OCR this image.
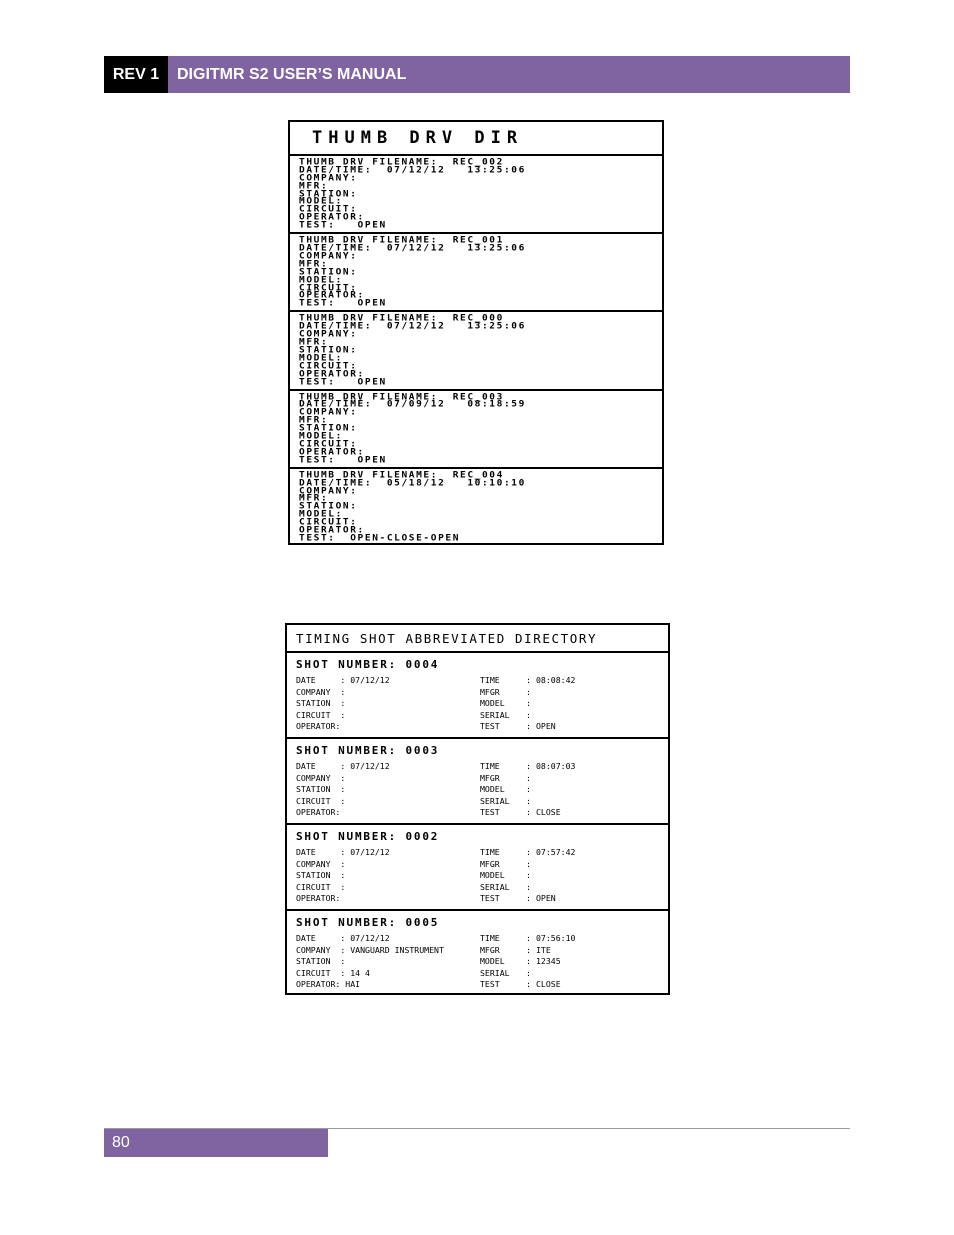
REV 1	DIGITMR S2 USER’S MANUAL
THUMB DRV DIR
THUMB DRV FILENAME:  REC_002
DATE/TIME:  07/12/12   13:25:06
COMPANY:
MFR:
STATION:
MODEL:
CIRCUIT:
OPERATOR:
TEST:   OPEN
THUMB DRV FILENAME:  REC_001
DATE/TIME:  07/12/12   13:25:06
COMPANY:
MFR:
STATION:
MODEL:
CIRCUIT:
OPERATOR:
TEST:   OPEN
THUMB DRV FILENAME:  REC_000
DATE/TIME:  07/12/12   13:25:06
COMPANY:
MFR:
STATION:
MODEL:
CIRCUIT:
OPERATOR:
TEST:   OPEN
THUMB DRV FILENAME:  REC_003
DATE/TIME:  07/09/12   08:18:59
COMPANY:
MFR:
STATION:
MODEL:
CIRCUIT:
OPERATOR:
TEST:   OPEN
THUMB DRV FILENAME:  REC_004
DATE/TIME:  05/18/12   10:10:10
COMPANY:
MFR:
STATION:
MODEL:
CIRCUIT:
OPERATOR:
TEST:  OPEN-CLOSE-OPEN
TIMING SHOT ABBREVIATED DIRECTORY
SHOT NUMBER: 0004
DATE     : 07/12/12	TIME	: 08:08:42
COMPANY  :	MFGR	:
STATION  :	MODEL	:
CIRCUIT  :	SERIAL :
OPERATOR:	TEST	: OPEN
SHOT NUMBER: 0003
DATE     : 07/12/12	TIME	: 08:07:03
COMPANY  :	MFGR	:
STATION  :	MODEL	:
CIRCUIT  :	SERIAL :
OPERATOR:	TEST	: CLOSE
SHOT NUMBER: 0002
DATE     : 07/12/12	TIME	: 07:57:42
COMPANY  :	MFGR	:
STATION  :	MODEL	:
CIRCUIT  :	SERIAL :
OPERATOR:	TEST	: OPEN
SHOT NUMBER: 0005
DATE     : 07/12/12	TIME	: 07:56:10
COMPANY  : VANGUARD INSTRUMENT	MFGR	: ITE
STATION  :	MODEL	: 12345
CIRCUIT  : 14 4	SERIAL :
OPERATOR: HAI	TEST	: CLOSE
80
